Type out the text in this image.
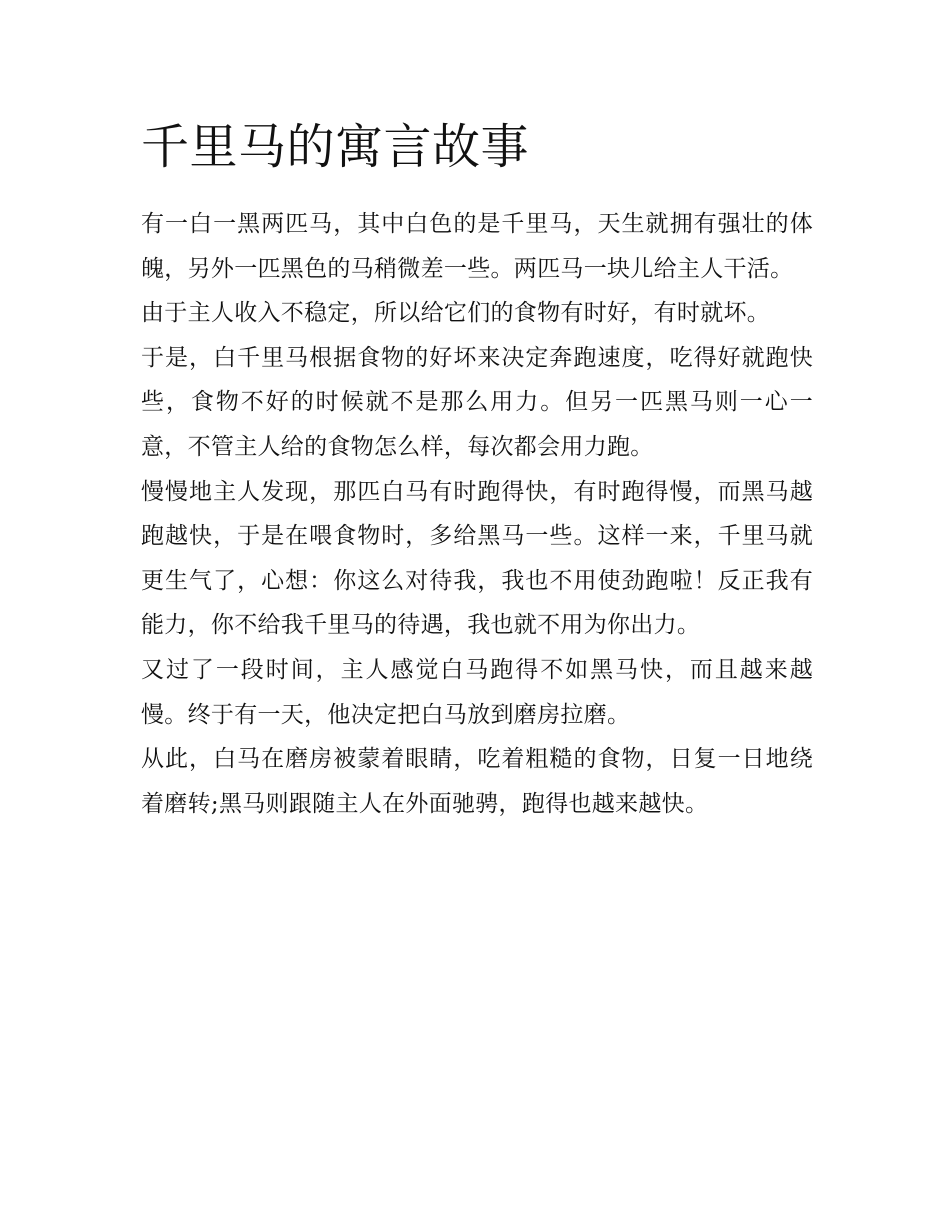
千里马的寓言故事

有一白一黑两匹马，其中白色的是千里马，天生就拥有强壮的体魄，另外一匹黑色的马稍微差一些。两匹马一块儿给主人干活。

由于主人收入不稳定，所以给它们的食物有时好，有时就坏。

于是，白千里马根据食物的好坏来决定奔跑速度，吃得好就跑快些，食物不好的时候就不是那么用力。但另一匹黑马则一心一意，不管主人给的食物怎么样，每次都会用力跑。

慢慢地主人发现，那匹白马有时跑得快，有时跑得慢，而黑马越跑越快，于是在喂食物时，多给黑马一些。这样一来，千里马就更生气了，心想：你这么对待我，我也不用使劲跑啦！反正我有能力，你不给我千里马的待遇，我也就不用为你出力。

又过了一段时间，主人感觉白马跑得不如黑马快，而且越来越慢。终于有一天，他决定把白马放到磨房拉磨。

从此，白马在磨房被蒙着眼睛，吃着粗糙的食物，日复一日地绕着磨转;黑马则跟随主人在外面驰骋，跑得也越来越快。
